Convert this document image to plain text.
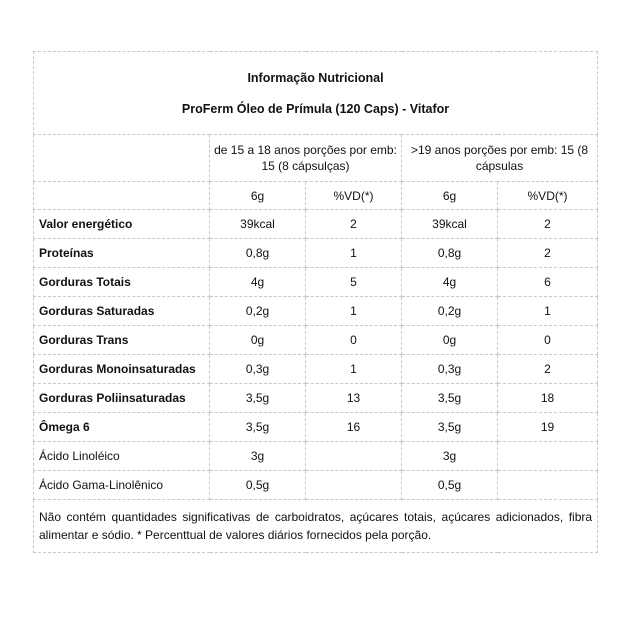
Informação Nutricional
ProFerm Óleo de Prímula (120 Caps) - Vitafor				

	de 15 a 18 anos porções por emb: 15 (8 cápsulças)		>19 anos porções por emb: 15 (8 cápsulas	
	6g	%VD(*)	6g	%VD(*)
Valor energético	39kcal	2	39kcal	2
Proteínas	0,8g	1	0,8g	2
Gorduras Totais	4g	5	4g	6
Gorduras Saturadas	0,2g	1	0,2g	1
Gorduras Trans	0g	0	0g	0
Gorduras Monoinsaturadas	0,3g	1	0,3g	2
Gorduras Poliinsaturadas	3,5g	13	3,5g	18
Ômega 6	3,5g	16	3,5g	19
Ácido Linoléico	3g		3g	
Ácido Gama-Linolênico	0,5g		0,5g	
Não contém quantidades significativas de carboidratos, açúcares totais, açúcares adicionados, fibra alimentar e sódio. * Percenttual de valores diários fornecidos pela porção.				
